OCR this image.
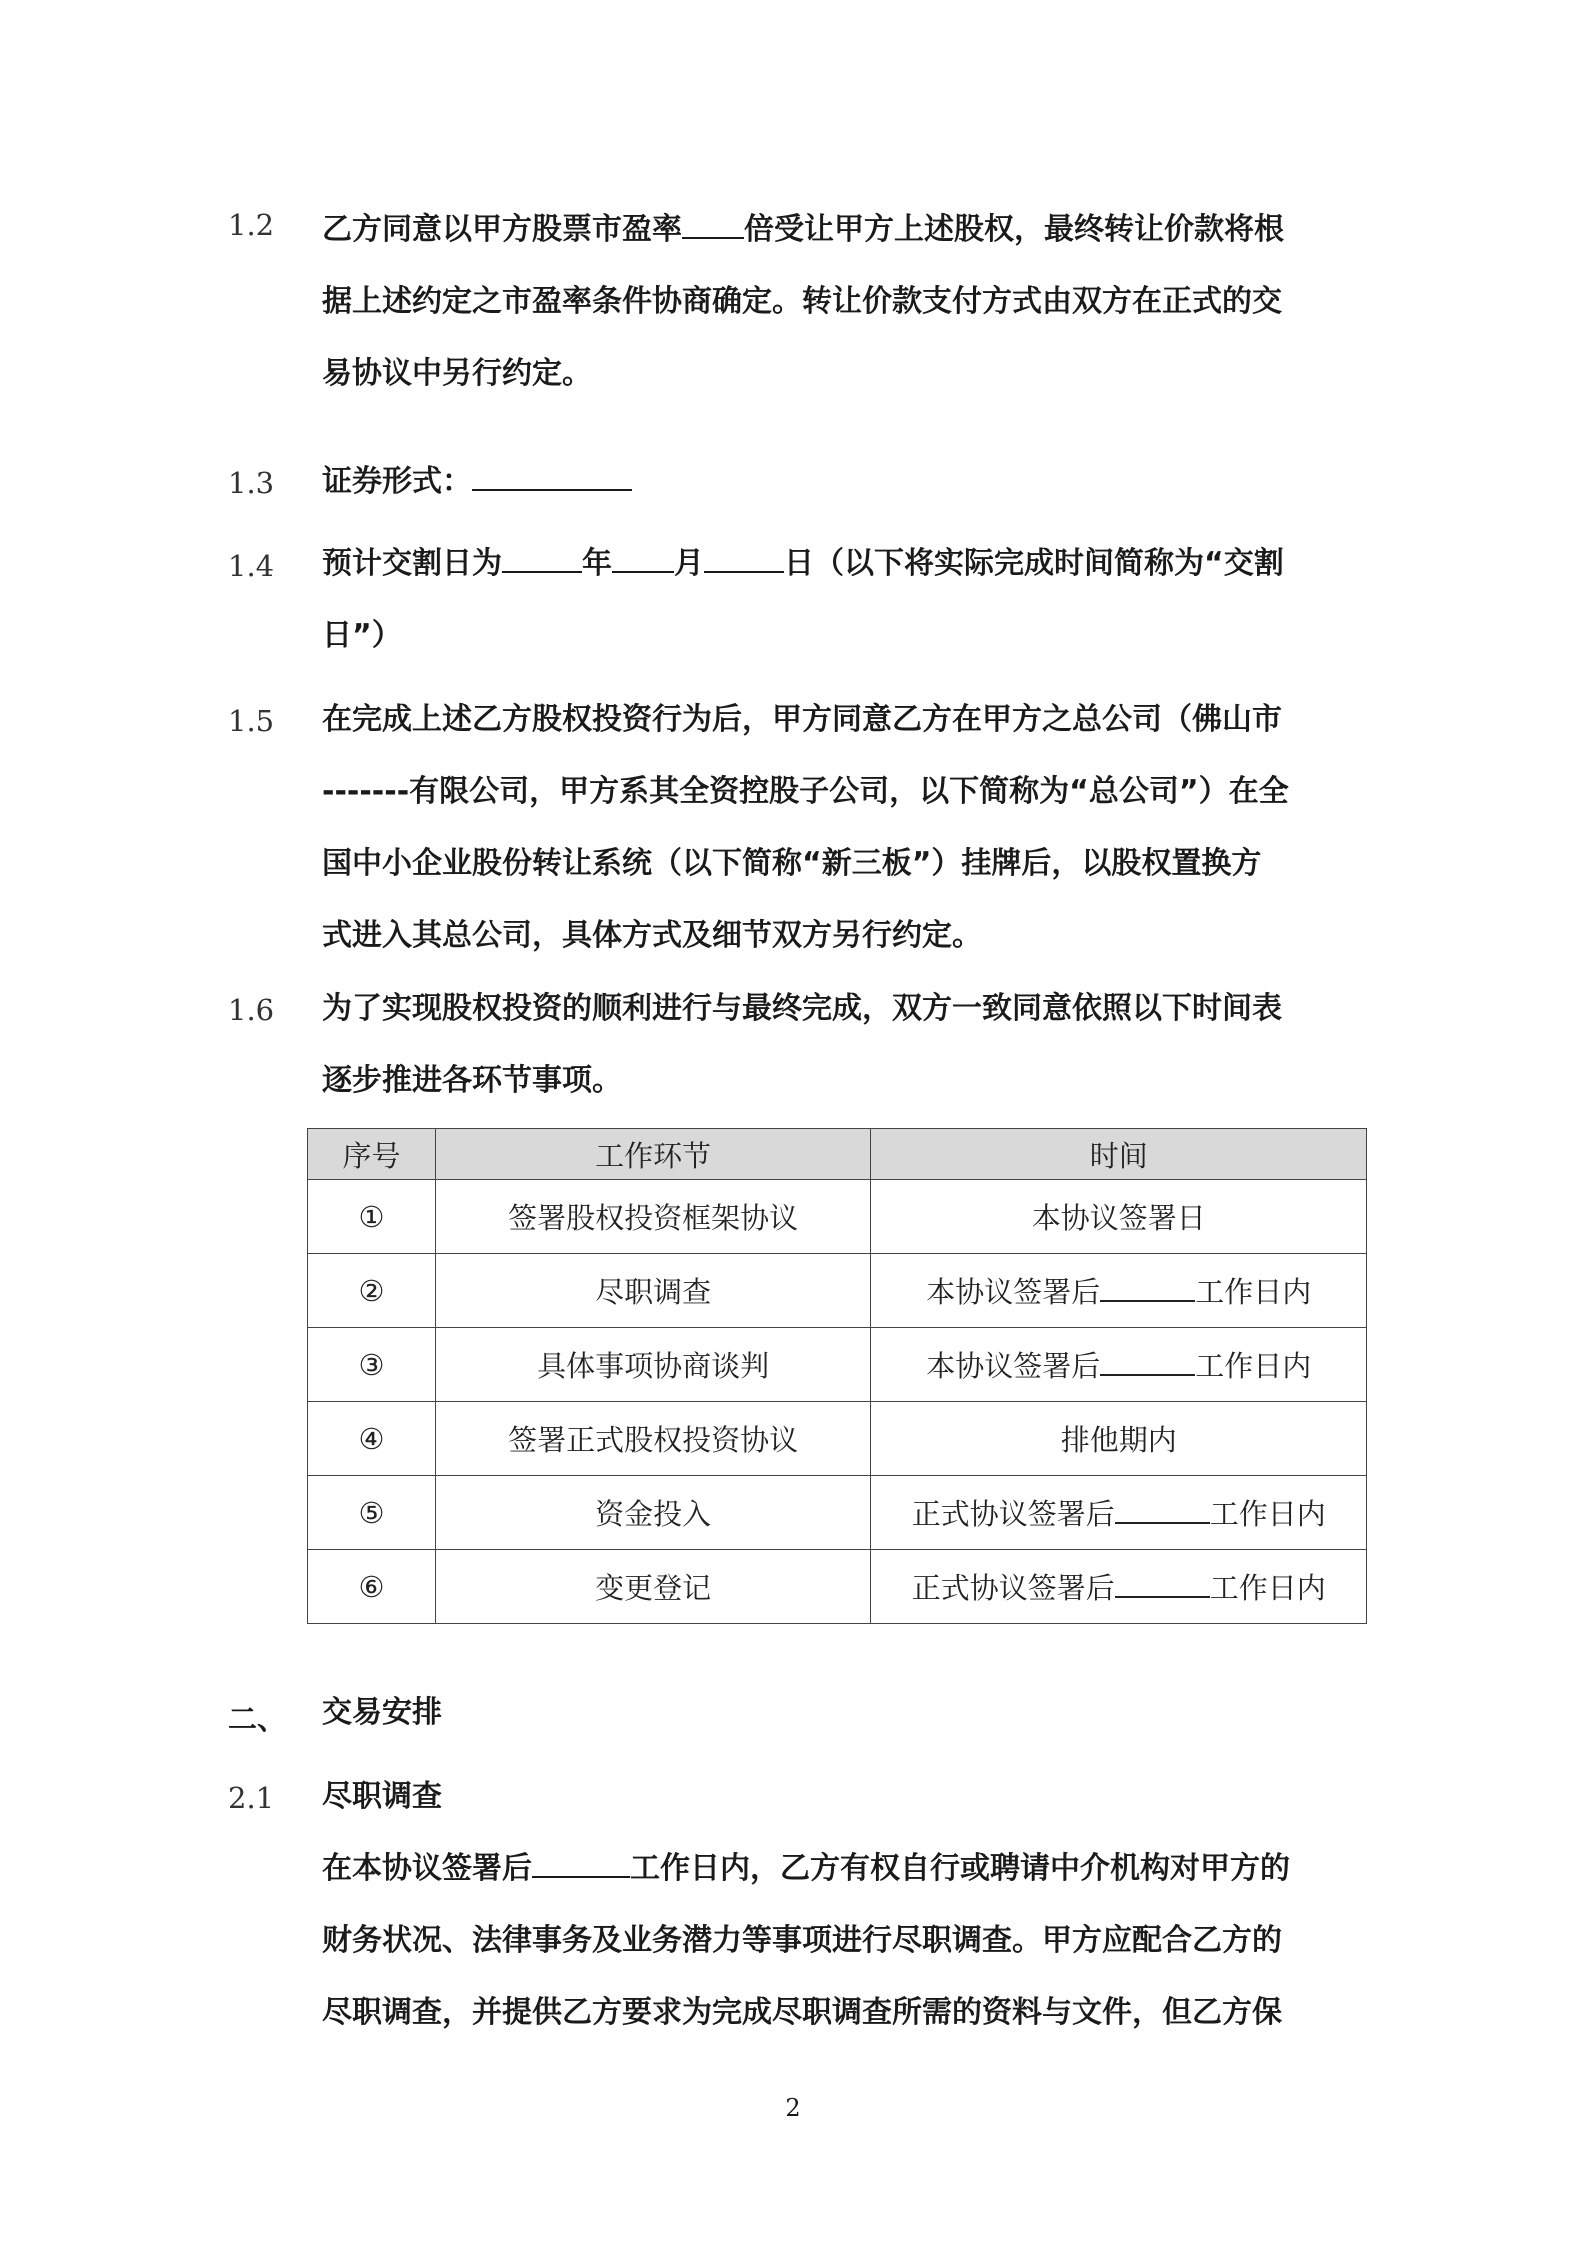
1.2 乙方同意以甲方股票市盈率 倍受让甲方上述股权，最终转让价款将根
据上述约定之市盈率条件协商确定。转让价款支付方式由双方在正式的交
易协议中另行约定。
1.3 证券形式：
1.4 预计交割日为	年 月	日（以下将实际完成时间简称为“交割
日”）
1.5 在完成上述乙方股权投资行为后，甲方同意乙方在甲方之总公司（佛山市
-------有限公司，甲方系其全资控股子公司，以下简称为“总公司”）在全
国中小企业股份转让系统（以下简称“新三板”）挂牌后，以股权置换方
式进入其总公司，具体方式及细节双方另行约定。
1.6 为了实现股权投资的顺利进行与最终完成，双方一致同意依照以下时间表
逐步推进各环节事项。
序号	工作环节	时间
①	签署股权投资框架协议	本协议签署日
②	尽职调查	本协议签署后 工作日内
③	具体事项协商谈判	本协议签署后 工作日内
④	签署正式股权投资协议	排他期内
⑤	资金投入	正式协议签署后 工作日内
⑥	变更登记	正式协议签署后 工作日内
二、 交易安排
2.1 尽职调查
在本协议签署后	工作日内，乙方有权自行或聘请中介机构对甲方的
财务状况、法律事务及业务潜力等事项进行尽职调查。甲方应配合乙方的
尽职调查，并提供乙方要求为完成尽职调查所需的资料与文件，但乙方保
2
